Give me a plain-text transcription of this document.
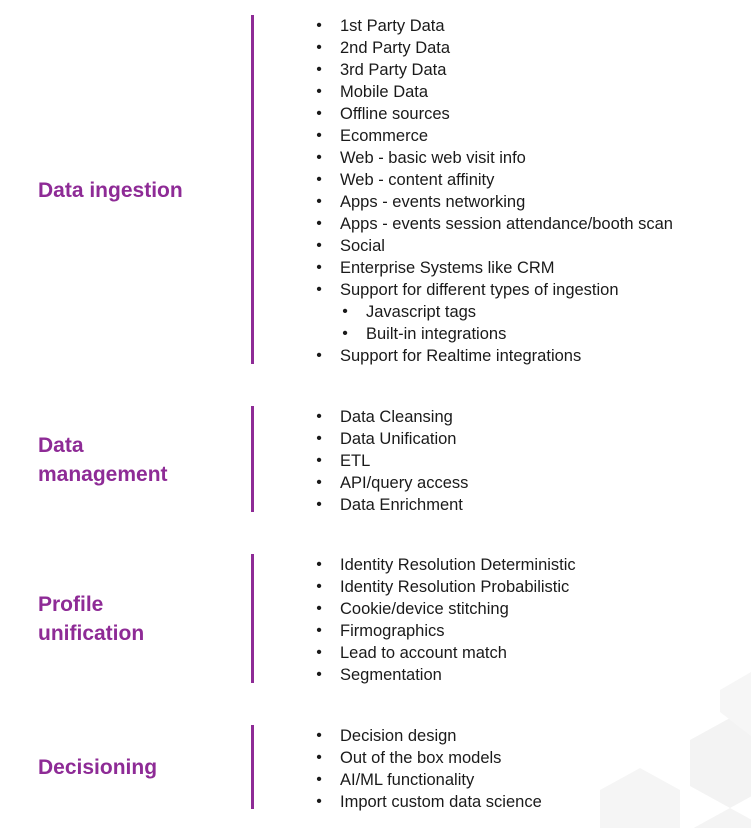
Data ingestion
• 1st Party Data
• 2nd Party Data
• 3rd Party Data
• Mobile Data
• Offline sources
• Ecommerce
• Web - basic web visit info
• Web - content affinity
• Apps - events networking
• Apps - events session attendance/booth scan
• Social
• Enterprise Systems like CRM
• Support for different types of ingestion
• Javascript tags
• Built-in integrations
• Support for Realtime integrations
Data
management
• Data Cleansing
• Data Unification
• ETL
• API/query access
• Data Enrichment
Profile
unification
• Identity Resolution Deterministic
• Identity Resolution Probabilistic
• Cookie/device stitching
• Firmographics
• Lead to account match
• Segmentation
Decisioning
• Decision design
• Out of the box models
• AI/ML functionality
• Import custom data science
